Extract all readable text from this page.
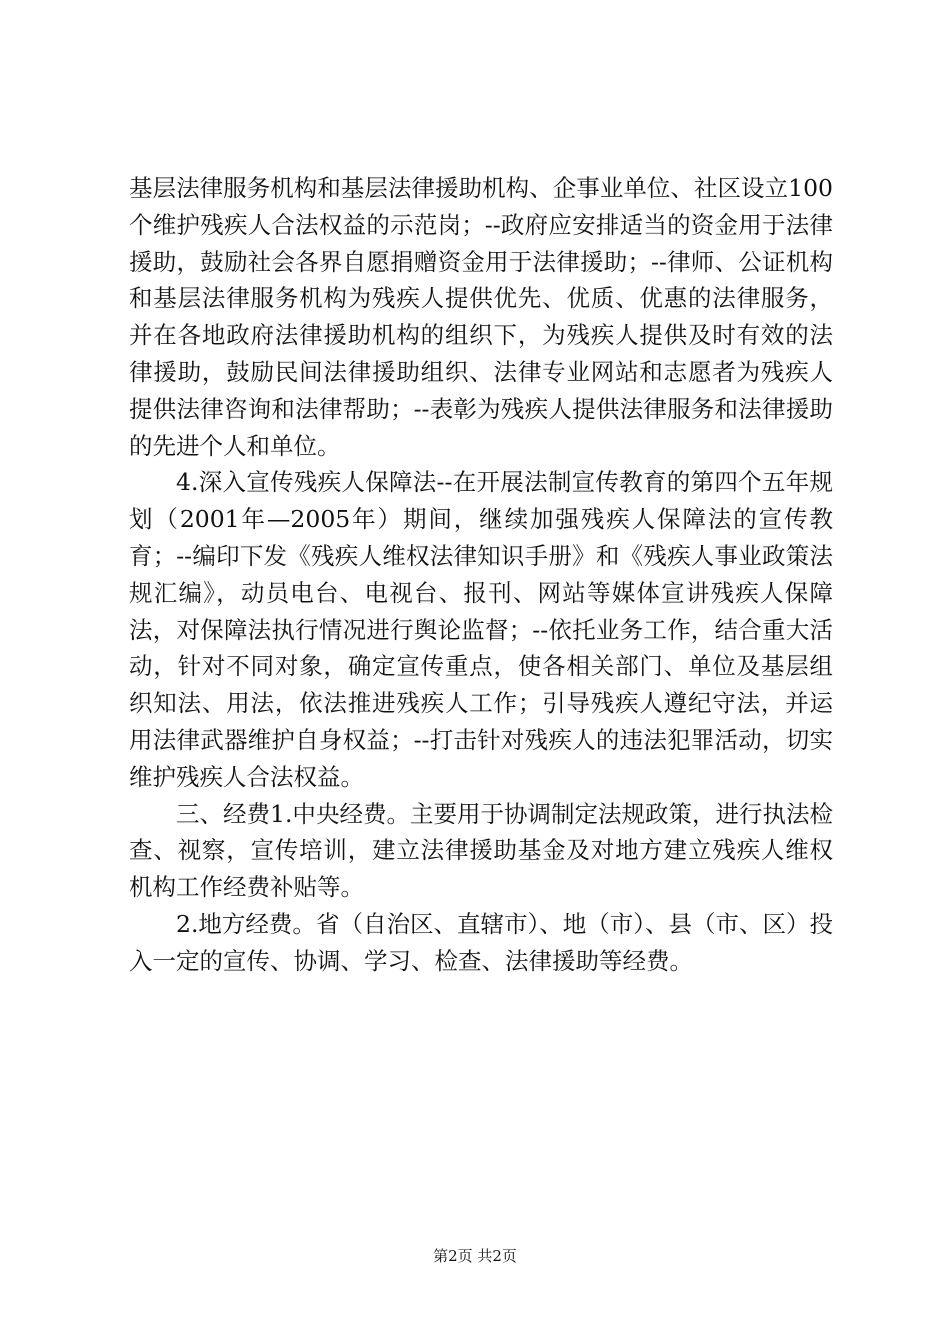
基层法律服务机构和基层法律援助机构、企事业单位、社区设立100个维护残疾人合法权益的示范岗；--政府应安排适当的资金用于法律援助，鼓励社会各界自愿捐赠资金用于法律援助；--律师、公证机构和基层法律服务机构为残疾人提供优先、优质、优惠的法律服务，并在各地政府法律援助机构的组织下，为残疾人提供及时有效的法律援助，鼓励民间法律援助组织、法律专业网站和志愿者为残疾人提供法律咨询和法律帮助；--表彰为残疾人提供法律服务和法律援助的先进个人和单位。

4.深入宣传残疾人保障法--在开展法制宣传教育的第四个五年规划（2001年—2005年）期间，继续加强残疾人保障法的宣传教育；--编印下发《残疾人维权法律知识手册》和《残疾人事业政策法规汇编》，动员电台、电视台、报刊、网站等媒体宣讲残疾人保障法，对保障法执行情况进行舆论监督；--依托业务工作，结合重大活动，针对不同对象，确定宣传重点，使各相关部门、单位及基层组织知法、用法，依法推进残疾人工作；引导残疾人遵纪守法，并运用法律武器维护自身权益；--打击针对残疾人的违法犯罪活动，切实维护残疾人合法权益。

三、经费1.中央经费。主要用于协调制定法规政策，进行执法检查、视察，宣传培训，建立法律援助基金及对地方建立残疾人维权机构工作经费补贴等。

2.地方经费。省（自治区、直辖市）、地（市）、县（市、区）投入一定的宣传、协调、学习、检查、法律援助等经费。

第2页 共2页
